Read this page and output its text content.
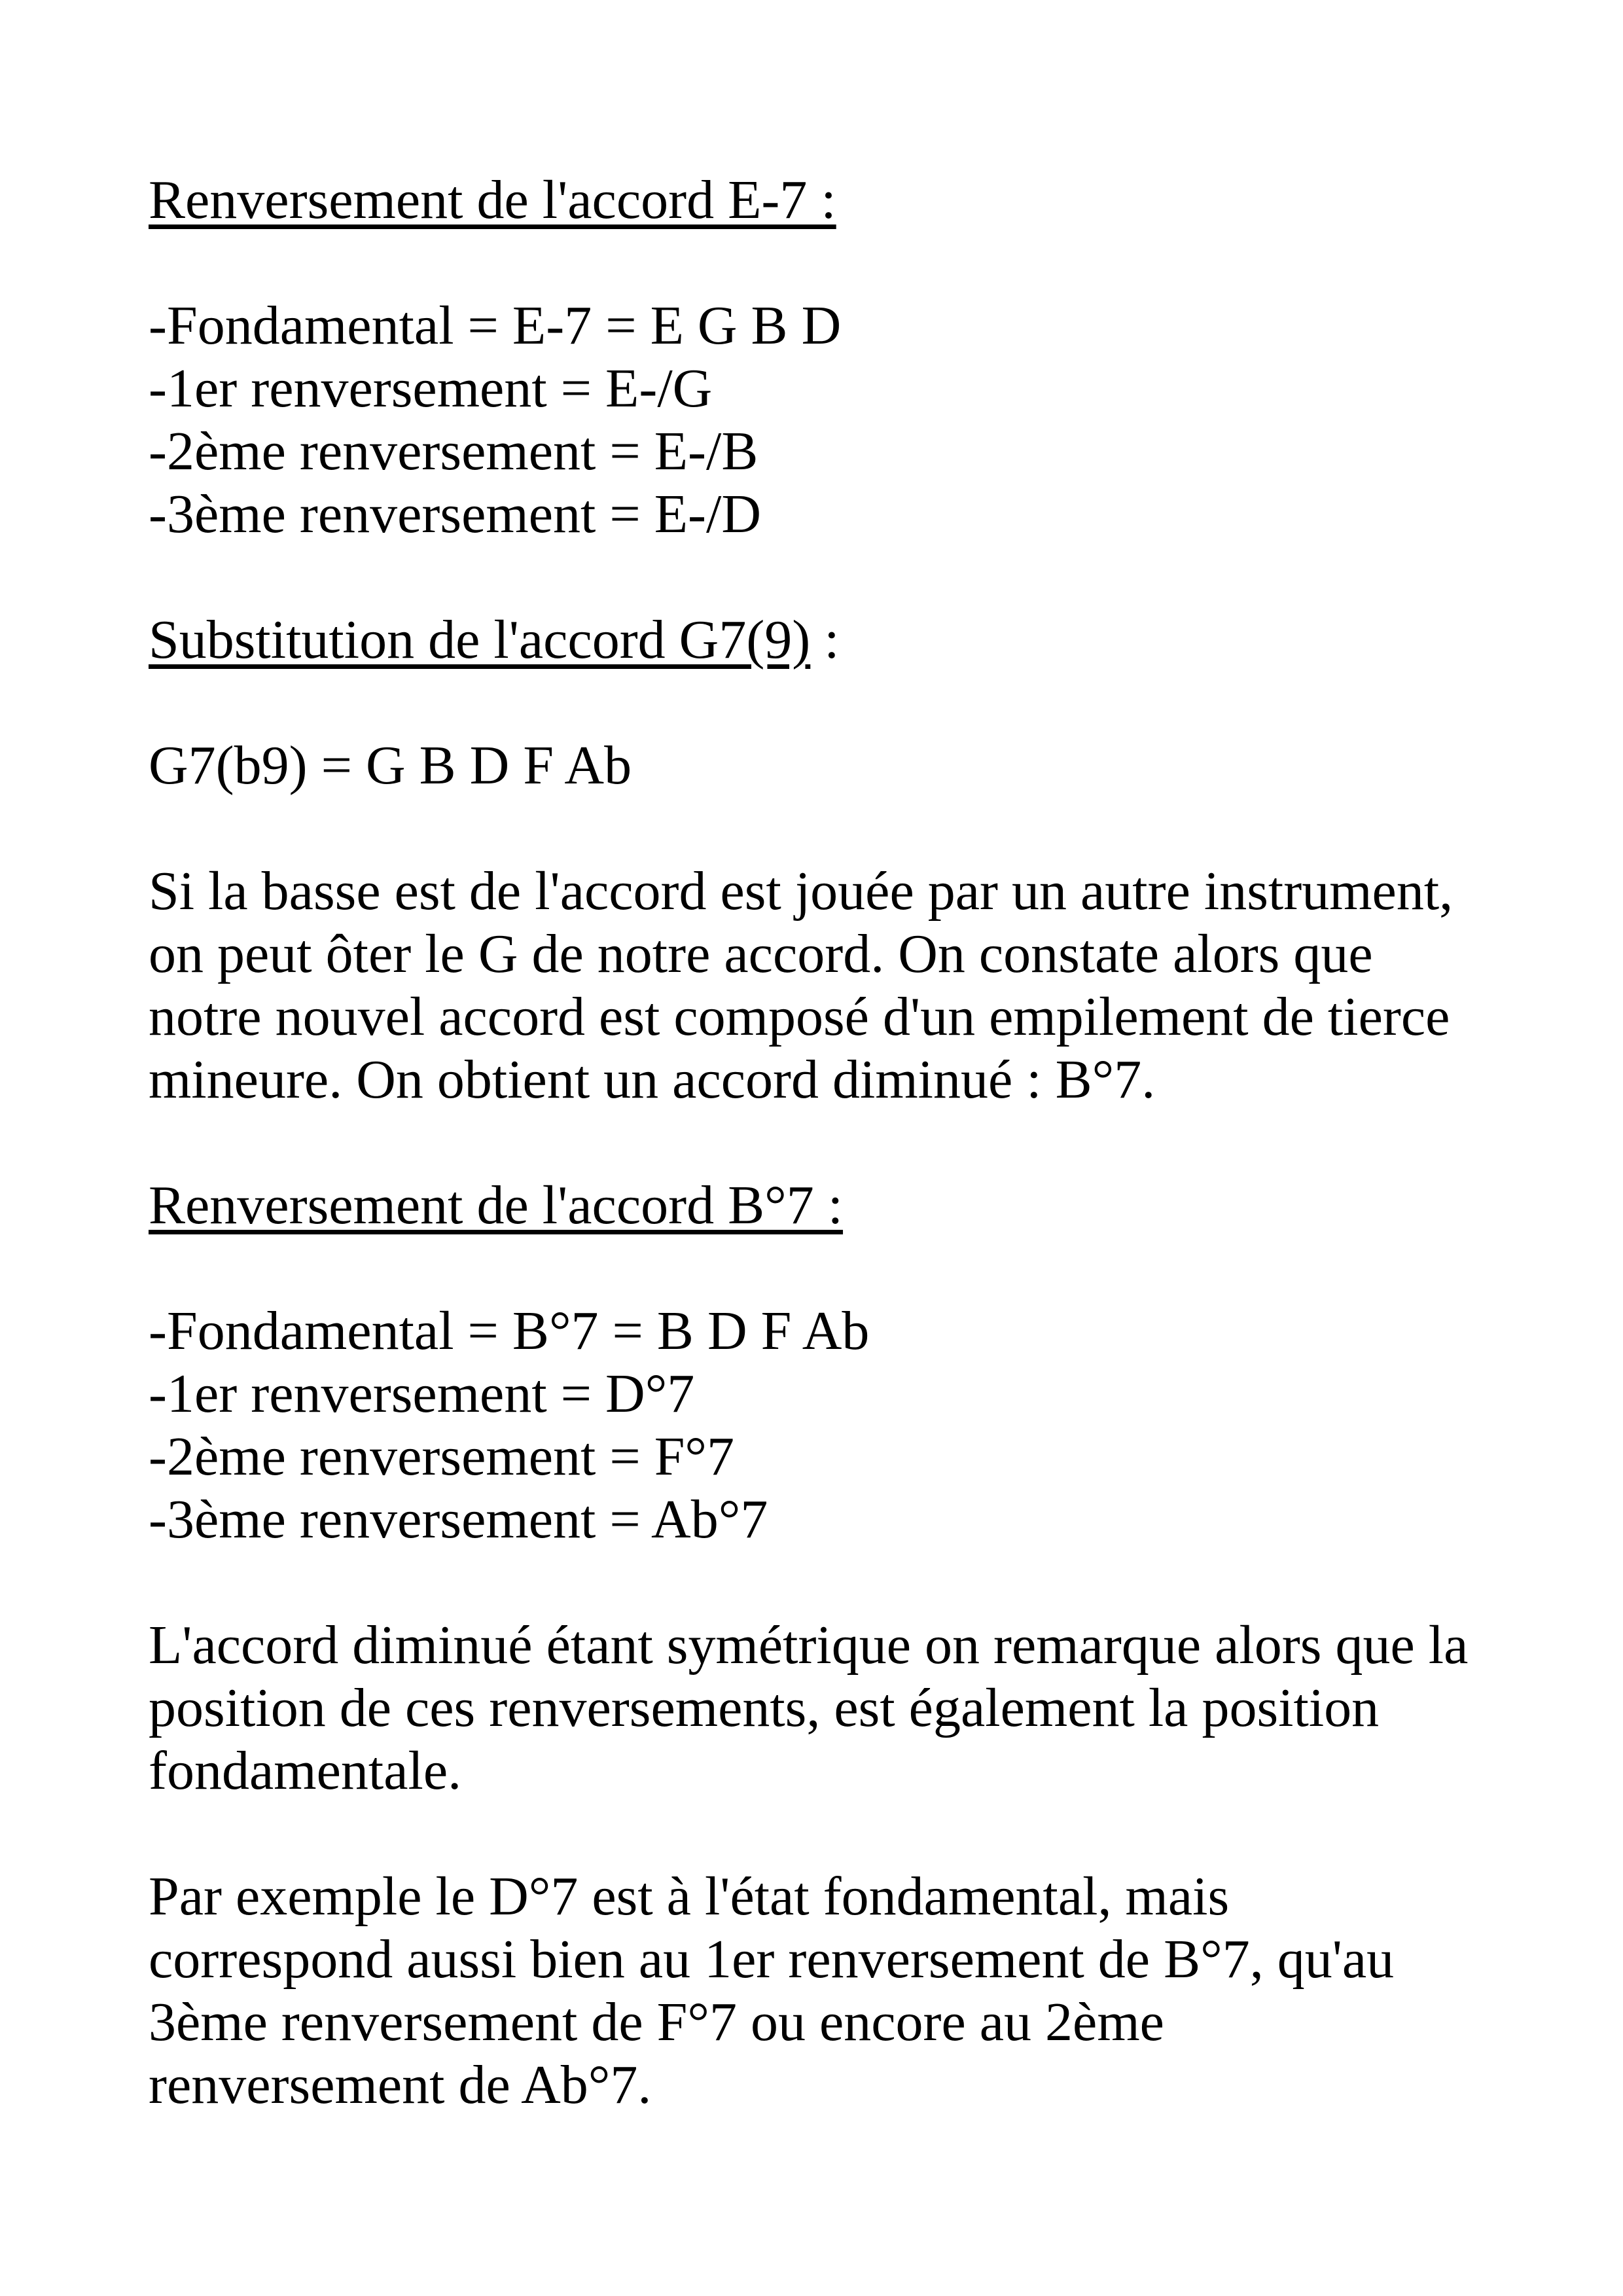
Renversement de l'accord E-7 :
-Fondamental = E-7 = E G B D
-1er renversement = E-/G
-2ème renversement = E-/B
-3ème renversement = E-/D
Substitution de l'accord G7(9) :
G7(b9) = G B D F Ab
Si la basse est de l'accord est jouée par un autre instrument,
on peut ôter le G de notre accord. On constate alors que
notre nouvel accord est composé d'un empilement de tierce
mineure. On obtient un accord diminué : B°7.
Renversement de l'accord B°7 :
-Fondamental = B°7 = B D F Ab
-1er renversement = D°7
-2ème renversement = F°7
-3ème renversement = Ab°7
L'accord diminué étant symétrique on remarque alors que la
position de ces renversements, est également la position
fondamentale.
Par exemple le D°7 est à l'état fondamental, mais
correspond aussi bien au 1er renversement de B°7, qu'au
3ème renversement de F°7 ou encore au 2ème
renversement de Ab°7.
